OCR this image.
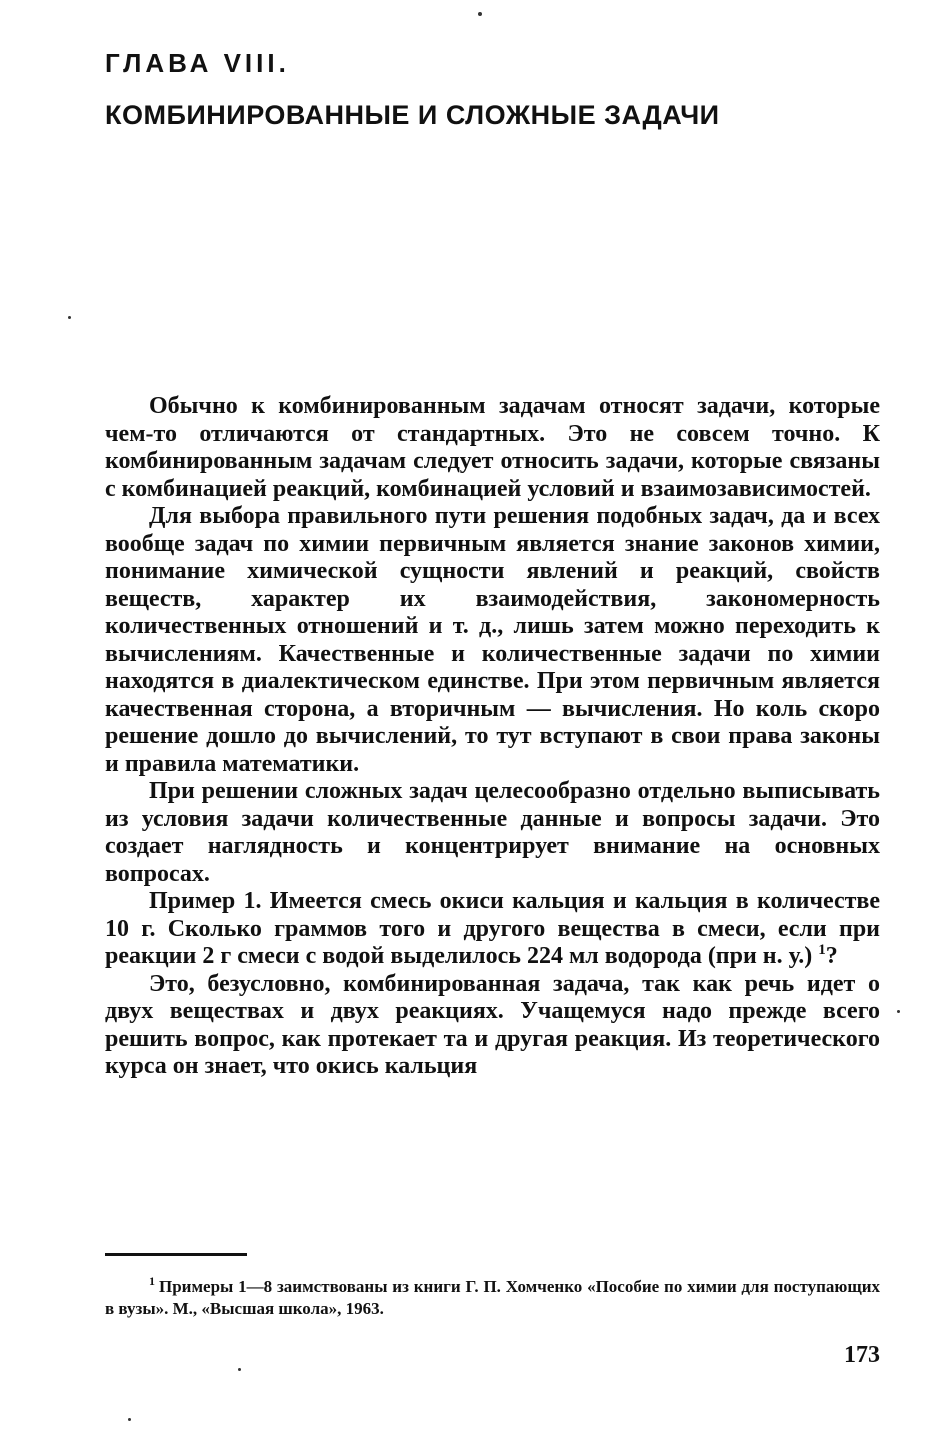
ГЛАВА VIII.
КОМБИНИРОВАННЫЕ И СЛОЖНЫЕ ЗАДАЧИ

Обычно к комбинированным задачам относят задачи, которые чем-то отличаются от стандартных. Это не совсем точно. К комбинированным задачам следует относить задачи, которые связаны с комбинацией реакций, комбинацией условий и взаимозависимостей.

Для выбора правильного пути решения подобных задач, да и всех вообще задач по химии первичным является знание законов химии, понимание химической сущности явлений и реакций, свойств веществ, характер их взаимодействия, закономерность количественных отношений и т. д., лишь затем можно переходить к вычислениям. Качественные и количественные задачи по химии находятся в диалектическом единстве. При этом первичным является качественная сторона, а вторичным — вычисления. Но коль скоро решение дошло до вычислений, то тут вступают в свои права законы и правила математики.

При решении сложных задач целесообразно отдельно выписывать из условия задачи количественные данные и вопросы задачи. Это создает наглядность и концентрирует внимание на основных вопросах.

Пример 1. Имеется смесь окиси кальция и кальция в количестве 10 г. Сколько граммов того и другого вещества в смеси, если при реакции 2 г смеси с водой выделилось 224 мл водорода (при н. у.) $^1$?

Это, безусловно, комбинированная задача, так как речь идет о двух веществах и двух реакциях. Учащемуся надо прежде всего решить вопрос, как протекает та и другая реакция. Из теоретического курса он знает, что окись кальция

$^1$ Примеры 1—8 заимствованы из книги Г. П. Хомченко «Пособие по химии для поступающих в вузы». М., «Высшая школа», 1963.
173
